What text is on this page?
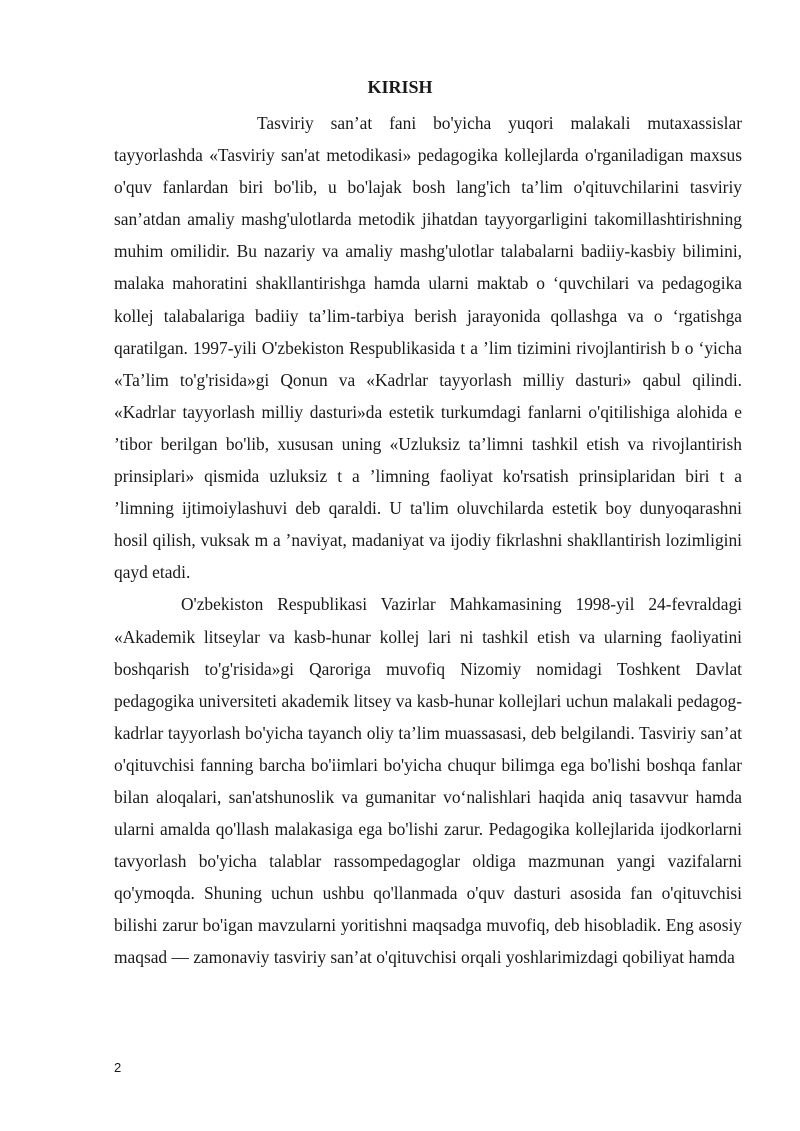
KIRISH

Tasviriy san’at fani bo'yicha yuqori malakali mutaxassislar tayyorlashda «Tasviriy san'at metodikasi» pedagogika kollejlarda o'rganiladigan maxsus o'quv fanlardan biri bo'lib, u bo'lajak bosh lang'ich ta’lim o'qituvchilarini tasviriy san’atdan amaliy mashg'ulotlarda metodik jihatdan tayyorgarligini takomillashtirishning muhim omilidir. Bu nazariy va amaliy mashg'ulotlar talabalarni badiiy-kasbiy bilimini, malaka mahoratini shakllantirishga hamda ularni maktab o ‘quvchilari va pedagogika kollej talabalariga badiiy ta’lim-tarbiya berish jarayonida qollashga va o ‘rgatishga qaratilgan. 1997-yili O'zbekiston Respublikasida t a ’lim tizimini rivojlantirish b o ‘yicha «Ta’lim to'g'risida»gi Qonun va «Kadrlar tayyorlash milliy dasturi» qabul qilindi. «Kadrlar tayyorlash milliy dasturi»da estetik turkumdagi fanlarni o'qitilishiga alohida e ’tibor berilgan bo'lib, xususan uning «Uzluksiz ta’limni tashkil etish va rivojlantirish prinsiplari» qismida uzluksiz t a ’limning faoliyat ko'rsatish prinsiplaridan biri t a ’limning ijtimoiylashuvi deb qaraldi. U ta'lim oluvchilarda estetik boy dunyoqarashni hosil qilish, vuksak m a ’naviyat, madaniyat va ijodiy fikrlashni shakllantirish lozimligini qayd etadi.

O'zbekiston Respublikasi Vazirlar Mahkamasining 1998-yil 24-fevraldagi «Akademik litseylar va kasb-hunar kollej lari ni tashkil etish va ularning faoliyatini boshqarish to'g'risida»gi Qaroriga muvofiq Nizomiy nomidagi Toshkent Davlat pedagogika universiteti akademik litsey va kasb-hunar kollejlari uchun malakali pedagog-kadrlar tayyorlash bo'yicha tayanch oliy ta’lim muassasasi, deb belgilandi. Tasviriy san’at o'qituvchisi fanning barcha bo'iimlari bo'yicha chuqur bilimga ega bo'lishi boshqa fanlar bilan aloqalari, san'atshunoslik va gumanitar vo‘nalishlari haqida aniq tasavvur hamda ularni amalda qo'llash malakasiga ega bo'lishi zarur. Pedagogika kollejlarida ijodkorlarni tavyorlash bo'yicha talablar rassompedagoglar oldiga mazmunan yangi vazifalarni qo'ymoqda. Shuning uchun ushbu qo'llanmada o'quv dasturi asosida fan o'qituvchisi bilishi zarur bo'igan mavzularni yoritishni maqsadga muvofiq, deb hisobladik. Eng asosiy maqsad — zamonaviy tasviriy san’at o'qituvchisi orqali yoshlarimizdagi qobiliyat hamda

2
